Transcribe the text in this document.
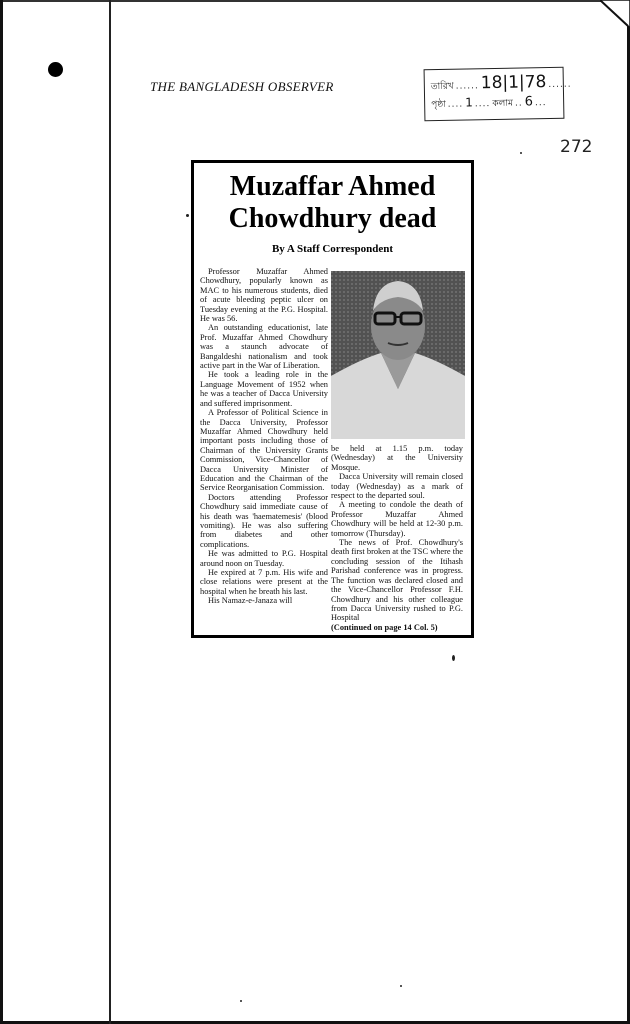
THE BANGLADESH OBSERVER	তারিখ ...... 18|1|78 ......
পৃষ্ঠা .... 1 .... কলাম .. 6 ...
272
Muzaffar Ahmed
Chowdhury dead
By A Staff Correspondent

Professor Muzaffar Ahmed Chowdhury, popularly known as MAC to his numerous students, died of acute bleeding peptic ulcer on Tuesday evening at the P.G. Hospital. He was 56.

An outstanding educationist, late Prof. Muzaffar Ahmed Chowdhury was a staunch advocate of Bangaldeshi nationalism and took active part in the War of Liberation.

He took a leading role in the Language Movement of 1952 when he was a teacher of Dacca University and suffered imprisonment.

A Professor of Political Science in the Dacca University, Professor Muzaffar Ahmed Chowdhury held important posts including those of Chairman of the University Grants Commission, Vice-Chancellor of Dacca University Minister of Education and the Chairman of the Service Reorganisation Commission.

Doctors attending Professor Chowdhury said immediate cause of his death was 'haematemesis' (blood vomiting). He was also suffering from diabetes and other complications.

He was admitted to P.G. Hospital around noon on Tuesday.

He expired at 7 p.m. His wife and close relations were present at the hospital when he breath his last.

His Namaz-e-Janaza will

be held at 1.15 p.m. today (Wednesday) at the University Mosque.

Dacca University will remain closed today (Wednesday) as a mark of respect to the departed soul.

A meeting to condole the death of Professor Muzaffar Ahmed Chowdhury will be held at 12-30 p.m. tomorrow (Thursday).

The news of Prof. Chowdhury's death first broken at the TSC where the concluding session of the Itihash Parishad conference was in progress. The function was declared closed and the Vice-Chancellor Professor F.H. Chowdhury and his other colleague from Dacca University rushed to P.G. Hospital

(Continued on page 14 Col. 5)
